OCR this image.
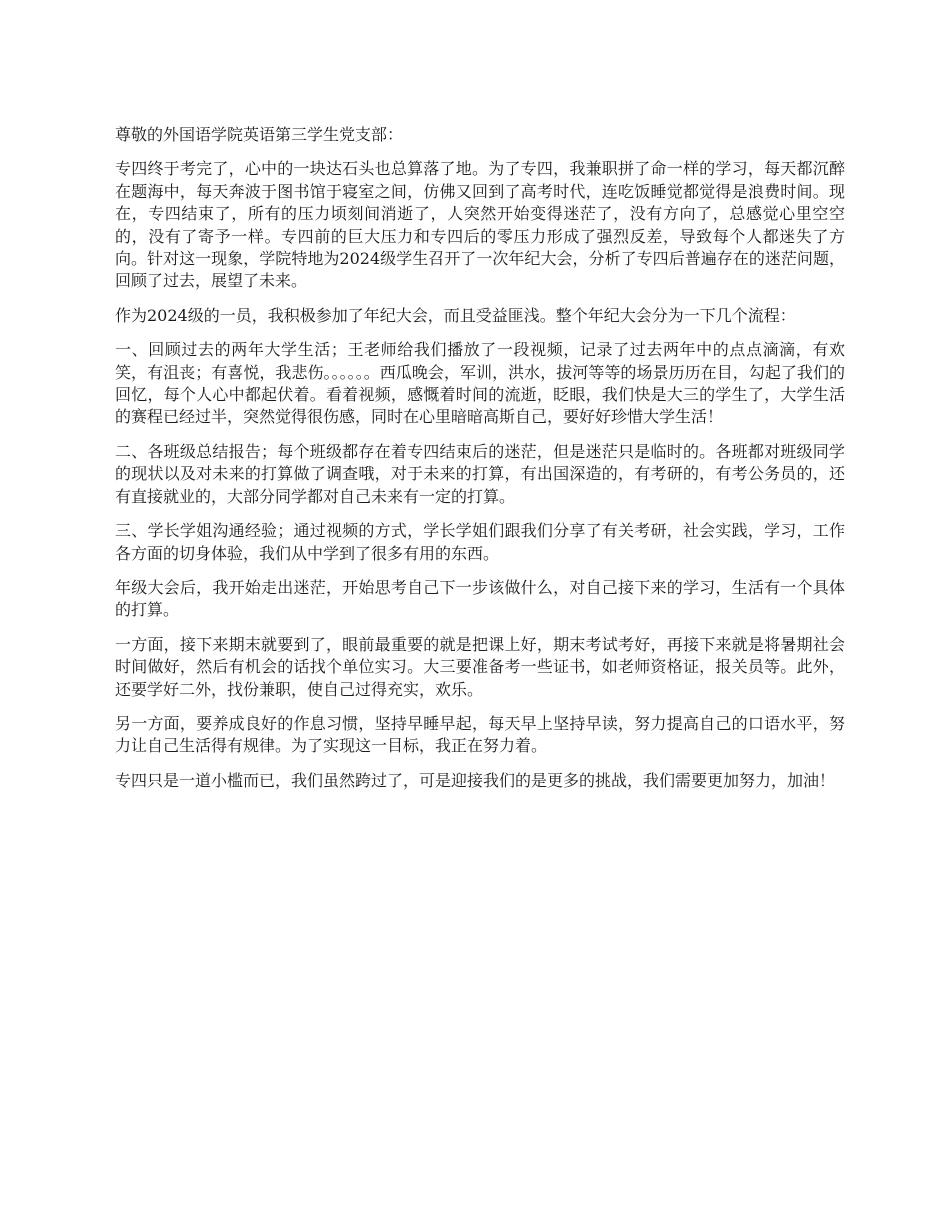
尊敬的外国语学院英语第三学生党支部：

专四终于考完了，心中的一块达石头也总算落了地。为了专四，我兼职拼了命一样的学习，每天都沉醉在题海中，每天奔波于图书馆于寝室之间，仿佛又回到了高考时代，连吃饭睡觉都觉得是浪费时间。现在，专四结束了，所有的压力顷刻间消逝了，人突然开始变得迷茫了，没有方向了，总感觉心里空空的，没有了寄予一样。专四前的巨大压力和专四后的零压力形成了强烈反差，导致每个人都迷失了方向。针对这一现象，学院特地为2024级学生召开了一次年纪大会，分析了专四后普遍存在的迷茫问题，回顾了过去，展望了未来。

作为2024级的一员，我积极参加了年纪大会，而且受益匪浅。整个年纪大会分为一下几个流程：

一、回顾过去的两年大学生活；王老师给我们播放了一段视频，记录了过去两年中的点点滴滴，有欢笑，有沮丧；有喜悦，我悲伤。。。。。。西瓜晚会，军训，洪水，拔河等等的场景历历在目，勾起了我们的回忆，每个人心中都起伏着。看着视频，感慨着时间的流逝，眨眼，我们快是大三的学生了，大学生活的赛程已经过半，突然觉得很伤感，同时在心里暗暗高斯自己，要好好珍惜大学生活！

二、各班级总结报告；每个班级都存在着专四结束后的迷茫，但是迷茫只是临时的。各班都对班级同学的现状以及对未来的打算做了调查哦，对于未来的打算，有出国深造的，有考研的，有考公务员的，还有直接就业的，大部分同学都对自己未来有一定的打算。

三、学长学姐沟通经验；通过视频的方式，学长学姐们跟我们分享了有关考研，社会实践，学习，工作各方面的切身体验，我们从中学到了很多有用的东西。

年级大会后，我开始走出迷茫，开始思考自己下一步该做什么，对自己接下来的学习，生活有一个具体的打算。

一方面，接下来期末就要到了，眼前最重要的就是把课上好，期末考试考好，再接下来就是将暑期社会时间做好，然后有机会的话找个单位实习。大三要准备考一些证书，如老师资格证，报关员等。此外，还要学好二外，找份兼职，使自己过得充实，欢乐。

另一方面，要养成良好的作息习惯，坚持早睡早起，每天早上坚持早读，努力提高自己的口语水平，努力让自己生活得有规律。为了实现这一目标，我正在努力着。

专四只是一道小槛而已，我们虽然跨过了，可是迎接我们的是更多的挑战，我们需要更加努力，加油！
